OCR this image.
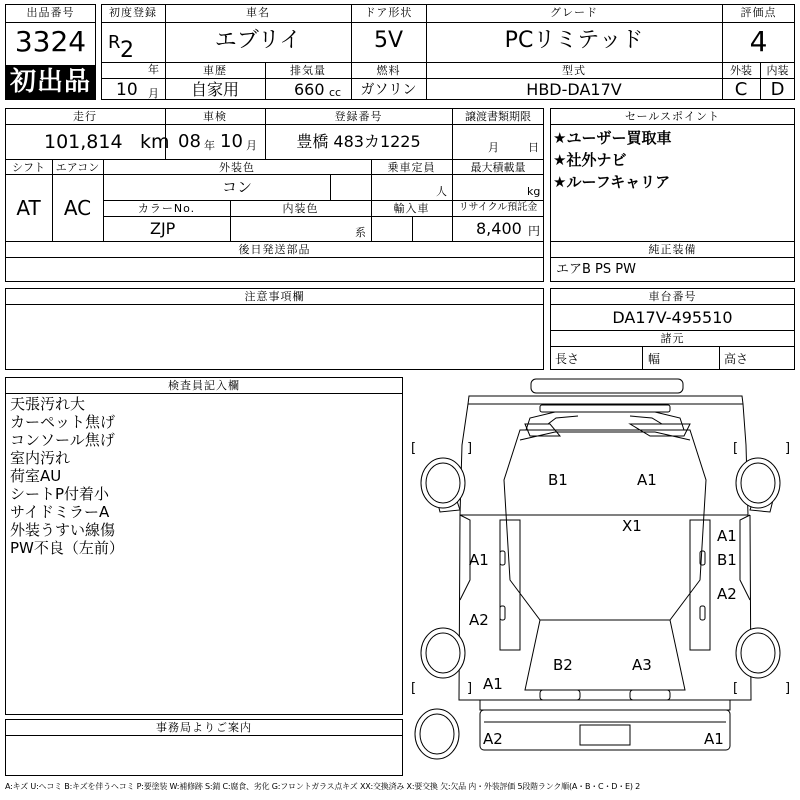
出品番号
3324
初出品
初度登録
R 2
年
10 月
車名
エブリイ
ドア形状
5V
グレード
PCリミテッド
評価点
4
車歴
自家用
排気量
660 cc
燃料
ガソリン
型式
HBD-DA17V
外装
C
内装
D
走行
101,814 km
車検
08 年 10 月
登録番号
豊橋 483カ1225
譲渡書類期限
月	日
シフト
AT
エアコン
AC
外装色
コン
乗車定員
人
最大積載量
kg
カラーNo.
ZJP
内装色
系
輸入車	リサイクル預託金
8,400 円
後日発送部品
セールスポイント
★ユーザー買取車
★社外ナビ
★ルーフキャリア
純正装備
エアB PS PW
注意事項欄	車台番号
DA17V-495510
諸元
長さ	幅	高さ
検査員記入欄
天張汚れ大
カーペット焦げ
コンソール焦げ
室内汚れ
荷室AU
シートP付着小
サイドミラーA
外装うすい線傷
PW不良（左前）
事務局よりご案内
[	]	[	]
[	]	[	]
B1	A1
X1
A1
B1
A1
A2
A2
B2	A3
A1
A2	A1
A:キズ U:ヘコミ B:キズを伴うヘコミ P:要塗装 W:補修跡 S:錆 C:腐食、劣化 G:フロントガラス点キズ XX:交換済み X:要交換 欠:欠品 内・外装評価 5段階ランク順(A・B・C・D・E) 2
